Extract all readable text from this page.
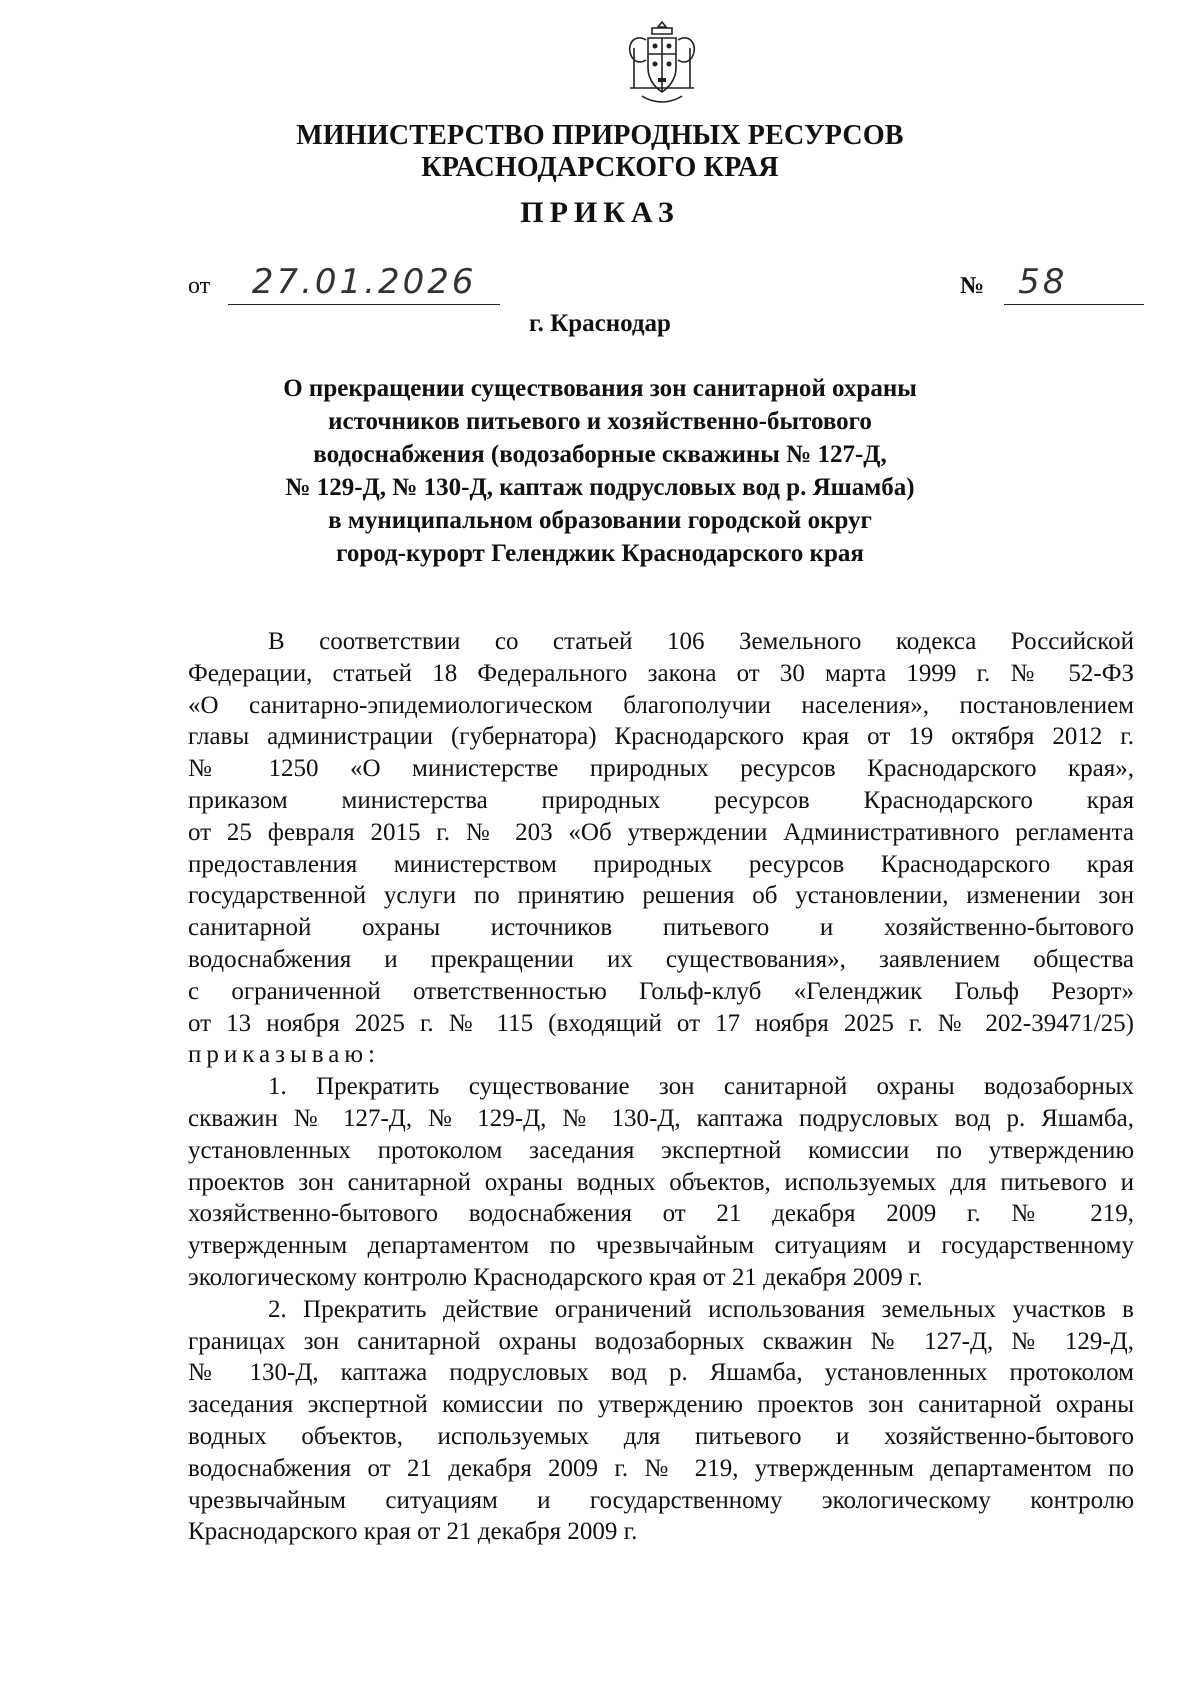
МИНИСТЕРСТВО ПРИРОДНЫХ РЕСУРСОВ
КРАСНОДАРСКОГО КРАЯ
ПРИКАЗ
от 27.01.2026	№ 58
г. Краснодар
О прекращении существования зон санитарной охраны
источников питьевого и хозяйственно-бытового
водоснабжения (водозаборные скважины № 127-Д,
№ 129-Д, № 130-Д, каптаж подрусловых вод р. Яшамба)
в муниципальном образовании городской округ
город-курорт Геленджик Краснодарского края
В соответствии со статьей 106 Земельного кодекса Российской
Федерации, статьей 18 Федерального закона от 30 марта 1999 г. № 52-ФЗ
«О санитарно-эпидемиологическом благополучии населения», постановлением
главы администрации (губернатора) Краснодарского края от 19 октября 2012 г.
№ 1250 «О министерстве природных ресурсов Краснодарского края»,
приказом министерства природных ресурсов Краснодарского края
от 25 февраля 2015 г. № 203 «Об утверждении Административного регламента
предоставления министерством природных ресурсов Краснодарского края
государственной услуги по принятию решения об установлении, изменении зон
санитарной охраны источников питьевого и хозяйственно-бытового
водоснабжения и прекращении их существования», заявлением общества
с ограниченной ответственностью Гольф-клуб «Геленджик Гольф Резорт»
от 13 ноября 2025 г. № 115 (входящий от 17 ноября 2025 г. № 202-39471/25)
приказываю:
1. Прекратить существование зон санитарной охраны водозаборных
скважин № 127-Д, № 129-Д, № 130-Д, каптажа подрусловых вод р. Яшамба,
установленных протоколом заседания экспертной комиссии по утверждению
проектов зон санитарной охраны водных объектов, используемых для питьевого и
хозяйственно-бытового водоснабжения от 21 декабря 2009 г. № 219,
утвержденным департаментом по чрезвычайным ситуациям и государственному
экологическому контролю Краснодарского края от 21 декабря 2009 г.
2. Прекратить действие ограничений использования земельных участков в
границах зон санитарной охраны водозаборных скважин № 127-Д, № 129-Д,
№ 130-Д, каптажа подрусловых вод р. Яшамба, установленных протоколом
заседания экспертной комиссии по утверждению проектов зон санитарной охраны
водных объектов, используемых для питьевого и хозяйственно-бытового
водоснабжения от 21 декабря 2009 г. № 219, утвержденным департаментом по
чрезвычайным ситуациям и государственному экологическому контролю
Краснодарского края от 21 декабря 2009 г.
